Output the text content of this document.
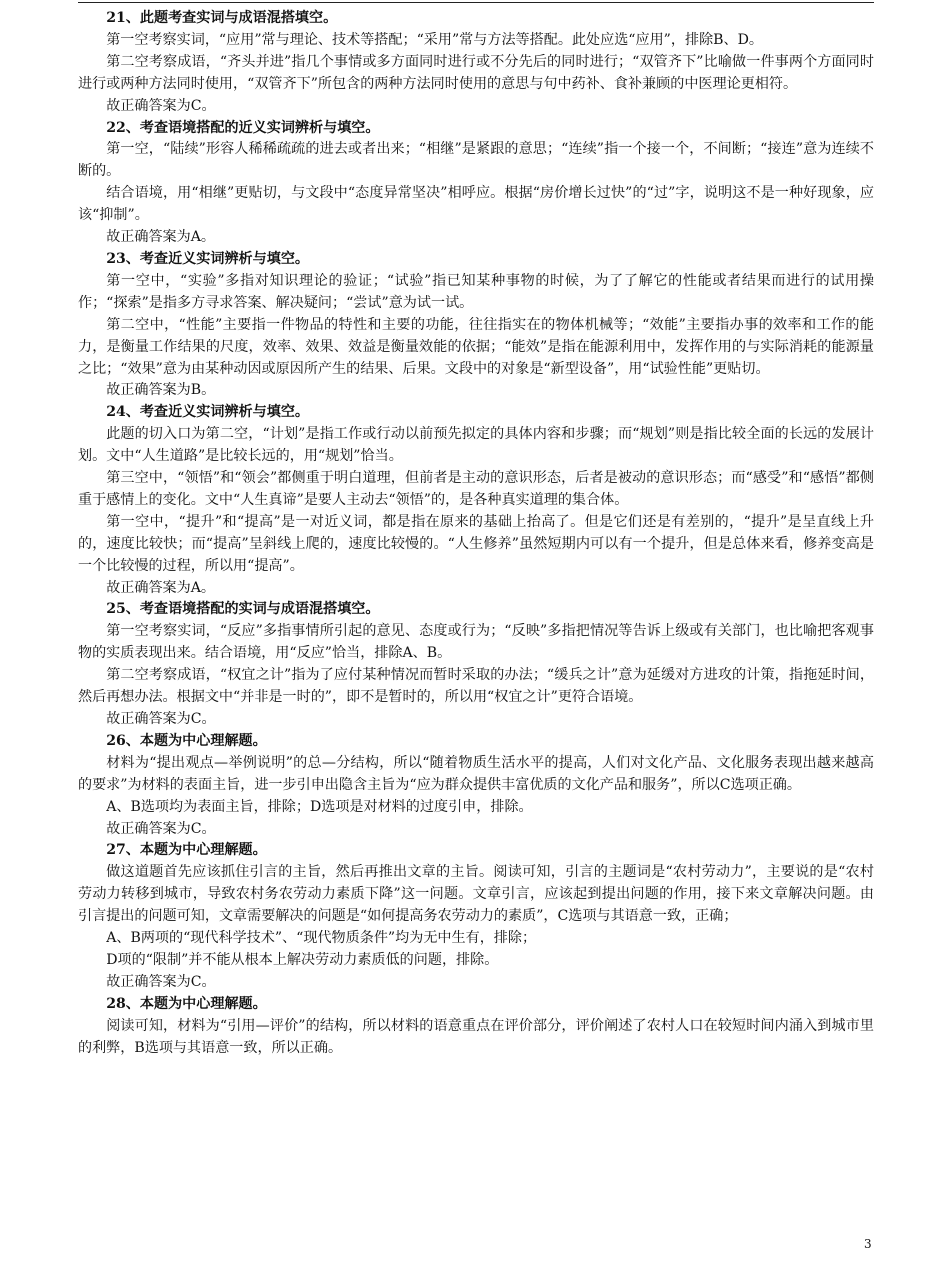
21、此题考查实词与成语混搭填空。

第一空考察实词，“应用”常与理论、技术等搭配；“采用”常与方法等搭配。此处应选“应用”，排除B、D。

第二空考察成语，“齐头并进”指几个事情或多方面同时进行或不分先后的同时进行；“双管齐下”比喻做一件事两个方面同时进行或两种方法同时使用，“双管齐下”所包含的两种方法同时使用的意思与句中药补、食补兼顾的中医理论更相符。

故正确答案为C。

22、考查语境搭配的近义实词辨析与填空。

第一空，“陆续”形容人稀稀疏疏的进去或者出来；“相继”是紧跟的意思；“连续”指一个接一个，不间断；“接连”意为连续不断的。

结合语境，用“相继”更贴切，与文段中“态度异常坚决”相呼应。根据“房价增长过快”的“过”字，说明这不是一种好现象，应该“抑制”。

故正确答案为A。

23、考查近义实词辨析与填空。

第一空中，“实验”多指对知识理论的验证；“试验”指已知某种事物的时候，为了了解它的性能或者结果而进行的试用操作；“探索”是指多方寻求答案、解决疑问；“尝试”意为试一试。

第二空中，“性能”主要指一件物品的特性和主要的功能，往往指实在的物体机械等；“效能”主要指办事的效率和工作的能力，是衡量工作结果的尺度，效率、效果、效益是衡量效能的依据；“能效”是指在能源利用中，发挥作用的与实际消耗的能源量之比；“效果”意为由某种动因或原因所产生的结果、后果。文段中的对象是“新型设备”，用“试验性能”更贴切。

故正确答案为B。

24、考查近义实词辨析与填空。

此题的切入口为第二空，“计划”是指工作或行动以前预先拟定的具体内容和步骤；而“规划”则是指比较全面的长远的发展计划。文中“人生道路”是比较长远的，用“规划”恰当。

第三空中，“领悟”和“领会”都侧重于明白道理，但前者是主动的意识形态，后者是被动的意识形态；而“感受”和“感悟”都侧重于感情上的变化。文中“人生真谛”是要人主动去“领悟”的，是各种真实道理的集合体。

第一空中，“提升”和“提高”是一对近义词，都是指在原来的基础上抬高了。但是它们还是有差别的，“提升”是呈直线上升的，速度比较快；而“提高”呈斜线上爬的，速度比较慢的。“人生修养”虽然短期内可以有一个提升，但是总体来看，修养变高是一个比较慢的过程，所以用“提高”。

故正确答案为A。

25、考查语境搭配的实词与成语混搭填空。

第一空考察实词，“反应”多指事情所引起的意见、态度或行为；“反映”多指把情况等告诉上级或有关部门，也比喻把客观事物的实质表现出来。结合语境，用“反应”恰当，排除A、B。

第二空考察成语，“权宜之计”指为了应付某种情况而暂时采取的办法；“缓兵之计”意为延缓对方进攻的计策，指拖延时间，然后再想办法。根据文中“并非是一时的”，即不是暂时的，所以用“权宜之计”更符合语境。

故正确答案为C。

26、本题为中心理解题。

材料为“提出观点—举例说明”的总—分结构，所以“随着物质生活水平的提高，人们对文化产品、文化服务表现出越来越高的要求”为材料的表面主旨，进一步引申出隐含主旨为“应为群众提供丰富优质的文化产品和服务”，所以C选项正确。

A、B选项均为表面主旨，排除；D选项是对材料的过度引申，排除。

故正确答案为C。

27、本题为中心理解题。

做这道题首先应该抓住引言的主旨，然后再推出文章的主旨。阅读可知，引言的主题词是“农村劳动力”，主要说的是“农村劳动力转移到城市，导致农村务农劳动力素质下降”这一问题。文章引言，应该起到提出问题的作用，接下来文章解决问题。由引言提出的问题可知，文章需要解决的问题是“如何提高务农劳动力的素质”，C选项与其语意一致，正确；

A、B两项的“现代科学技术”、“现代物质条件”均为无中生有，排除；

D项的“限制”并不能从根本上解决劳动力素质低的问题，排除。

故正确答案为C。

28、本题为中心理解题。

阅读可知，材料为“引用—评价”的结构，所以材料的语意重点在评价部分，评价阐述了农村人口在较短时间内涌入到城市里的利弊，B选项与其语意一致，所以正确。

3
